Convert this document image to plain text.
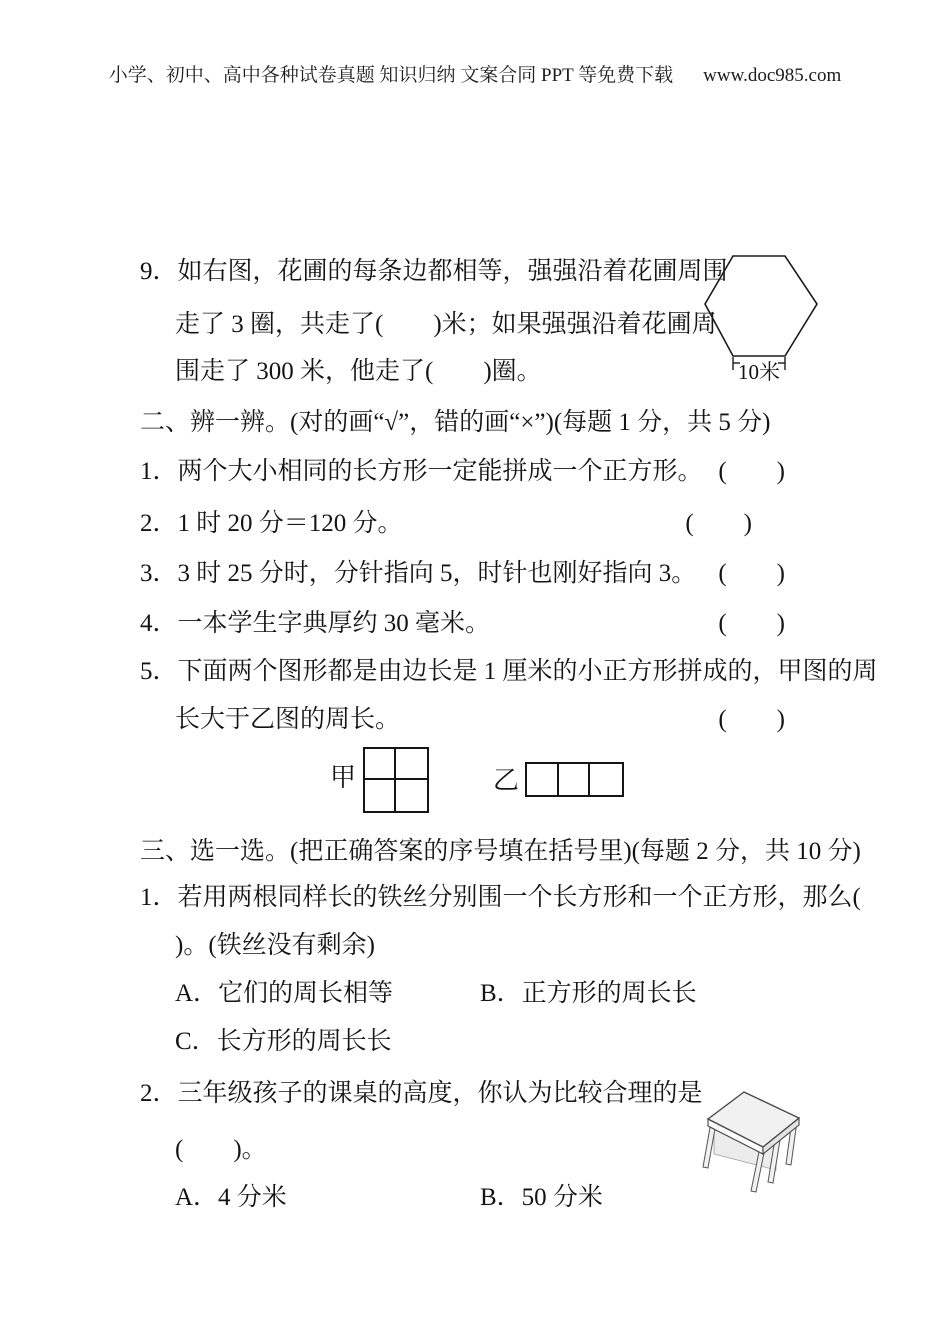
小学、初中、高中各种试卷真题 知识归纳 文案合同 PPT 等免费下载 www.doc985.com
9．如右图，花圃的每条边都相等，强强沿着花圃周围
走了 3 圈，共走了(　　)米；如果强强沿着花圃周
围走了 300 米，他走了(　　)圈。	10米
二、辨一辨。(对的画“√”，错的画“×”)(每题 1 分，共 5 分)
1．两个大小相同的长方形一定能拼成一个正方形。 (　　)
2．1 时 20 分＝120 分。	(　　)
3．3 时 25 分时，分针指向 5，时针也刚好指向 3。 (　　)
4．一本学生字典厚约 30 毫米。	(　　)
5．下面两个图形都是由边长是 1 厘米的小正方形拼成的，甲图的周
长大于乙图的周长。	(　　)
甲	乙
三、选一选。(把正确答案的序号填在括号里)(每题 2 分，共 10 分)
1．若用两根同样长的铁丝分别围一个长方形和一个正方形，那么(
)。(铁丝没有剩余)
A．它们的周长相等	B．正方形的周长长
C．长方形的周长长
2．三年级孩子的课桌的高度，你认为比较合理的是
(　　)。
A．4 分米	B．50 分米
